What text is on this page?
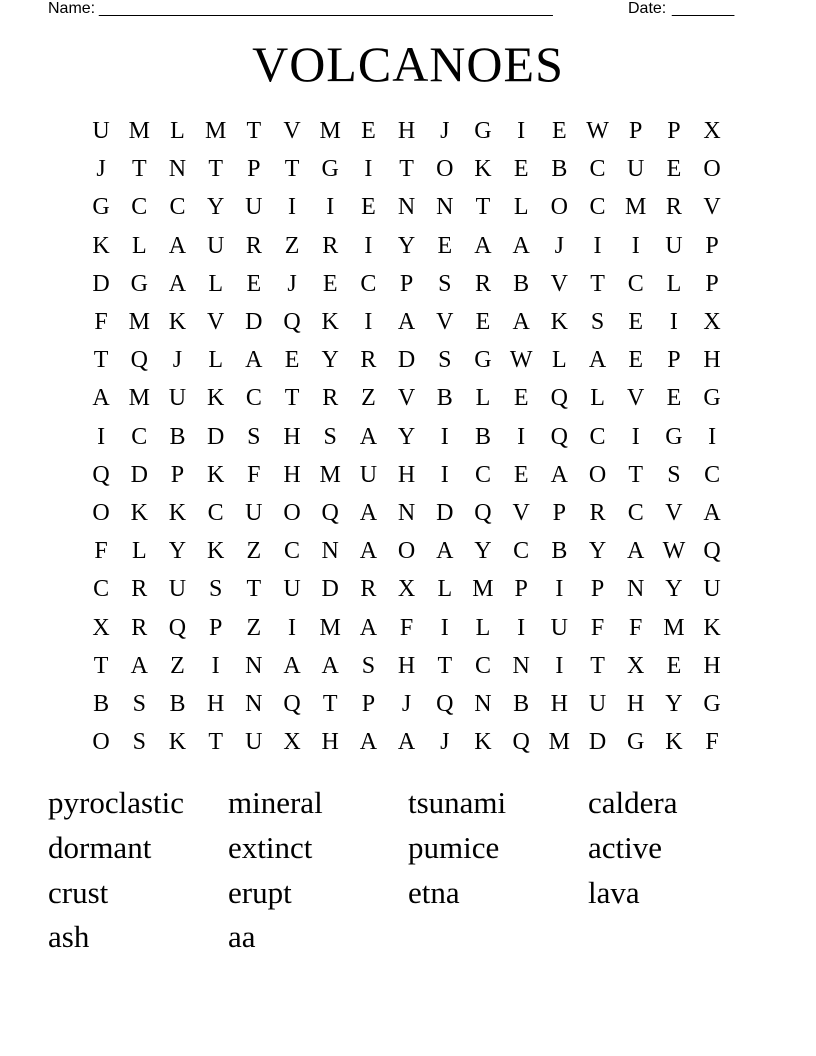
Name: ___________________________________________________	Date: _______
VOLCANOES
U M L M T V M E H	J	G	I	E W P	P X
J	T N T	P	T G	I	T O K E B C U E O
G C C Y U	I	I	E N N T L O C M R V
K L A U R Z R	I	Y E A A	J	I	I	U P
D G A L E	J	E C P	S R B V T C L	P
F M K V D Q K	I	A V E A K S	E	I	X
T Q	J	L A E Y R D S G W L A E	P H
A M U K C T R Z V B L E Q L V E G
I	C B D S H S A Y	I	B	I	Q C	I	G	I
Q D P K F H M U H	I	C E A O T	S C
O K K C U O Q A N D Q V P R C V A
F	L Y K Z C N A O A Y C B Y A W Q
C R U S	T U D R X L M P	I	P N Y U
X R Q P	Z	I M A F	I	L	I	U F	F M K
T A Z	I	N A A S H T C N	I	T X E H
B S B H N Q T	P	J	Q N B H U H Y G
O S K T U X H A A	J	K Q M D G K F
pyroclastic	mineral	tsunami	caldera
dormant	extinct	pumice	active
crust	erupt	etna	lava
ash	aa
